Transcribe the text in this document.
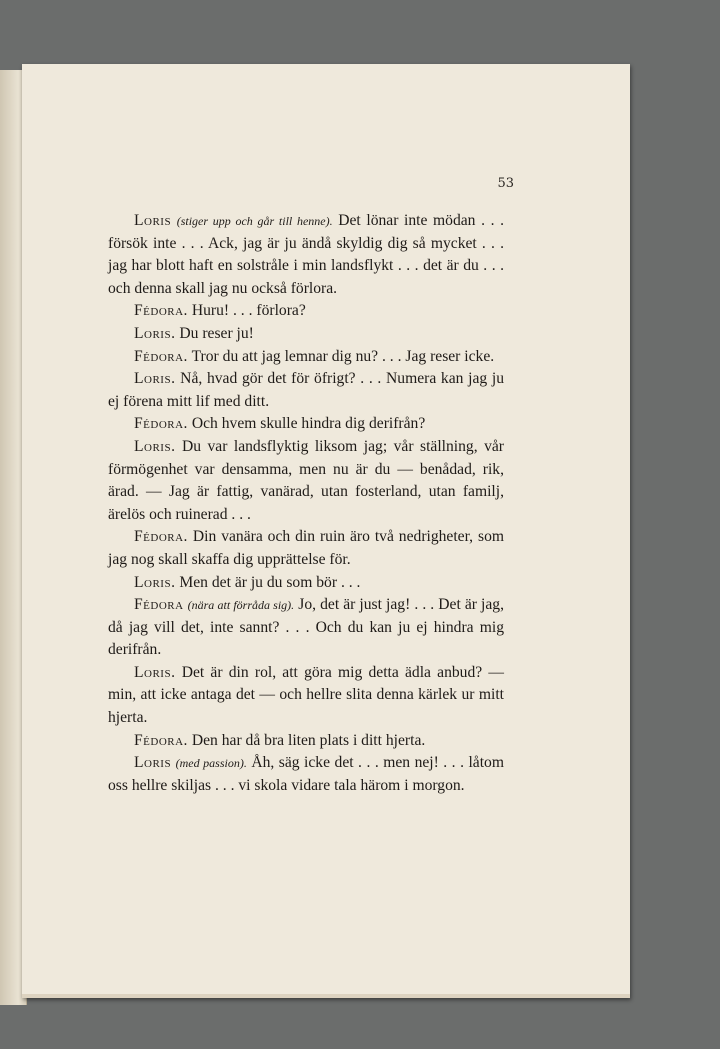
53

Loris (stiger upp och går till henne). Det lönar inte mödan . . . försök inte . . . Ack, jag är ju ändå skyldig dig så mycket . . . jag har blott haft en solstråle i min landsflykt . . . det är du . . . och denna skall jag nu också förlora.

Fédora. Huru! . . . förlora?

Loris. Du reser ju!

Fédora. Tror du att jag lemnar dig nu? . . . Jag reser icke.

Loris. Nå, hvad gör det för öfrigt? . . . Numera kan jag ju ej förena mitt lif med ditt.

Fédora. Och hvem skulle hindra dig derifrån?

Loris. Du var landsflyktig liksom jag; vår ställning, vår förmögenhet var densamma, men nu är du — benådad, rik, ärad. — Jag är fattig, vanärad, utan fosterland, utan familj, ärelös och ruinerad . . .

Fédora. Din vanära och din ruin äro två nedrigheter, som jag nog skall skaffa dig upprättelse för.

Loris. Men det är ju du som bör . . .

Fédora (nära att förråda sig). Jo, det är just jag! . . . Det är jag, då jag vill det, inte sannt? . . . Och du kan ju ej hindra mig derifrån.

Loris. Det är din rol, att göra mig detta ädla anbud? — min, att icke antaga det — och hellre slita denna kärlek ur mitt hjerta.

Fédora. Den har då bra liten plats i ditt hjerta.

Loris (med passion). Åh, säg icke det . . . men nej! . . . låtom oss hellre skiljas . . . vi skola vidare tala härom i morgon.
